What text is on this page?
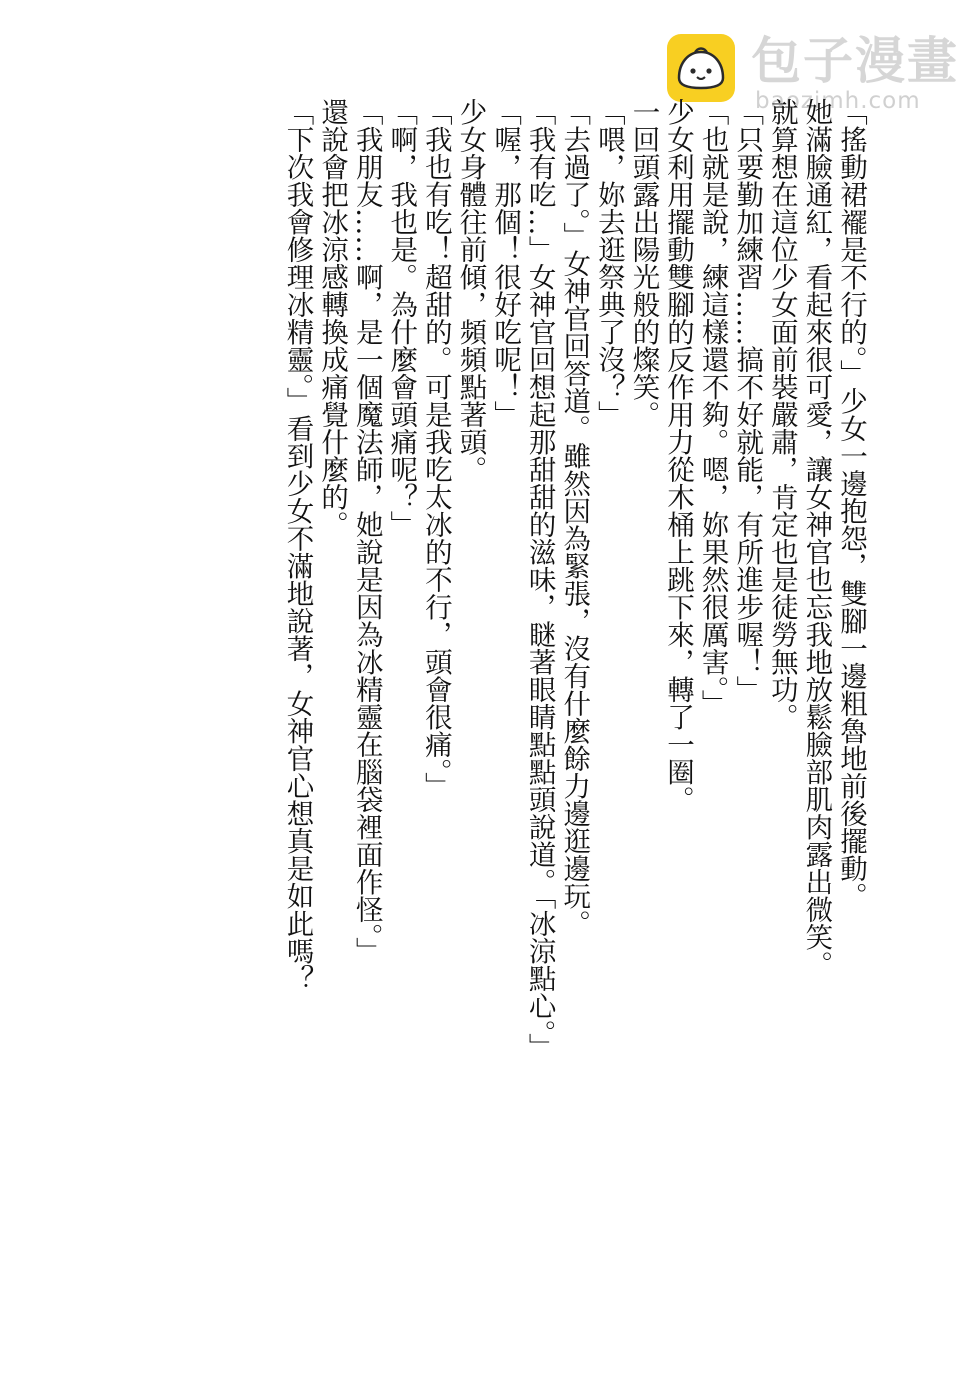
包子漫畫
baozimh.com

「搖動裙襬是不行的。」少女一邊抱怨，雙腳一邊粗魯地前後擺動。

她滿臉通紅，看起來很可愛，讓女神官也忘我地放鬆臉部肌肉露出微笑。

就算想在這位少女面前裝嚴肅，肯定也是徒勞無功。

「只要勤加練習……搞不好就能，有所進步喔！」

「也就是說，練這樣還不夠。嗯，妳果然很厲害。」

少女利用擺動雙腳的反作用力從木桶上跳下來，轉了一圈。

一回頭露出陽光般的燦笑。

「喂，妳去逛祭典了沒？」

「去過了。」女神官回答道。雖然因為緊張，沒有什麼餘力邊逛邊玩。

「我有吃…」女神官回想起那甜甜的滋味，瞇著眼睛點點頭說道。「冰涼點心。」

「喔，那個！很好吃呢！」

少女身體往前傾，頻頻點著頭。

「我也有吃！超甜的。可是我吃太冰的不行，頭會很痛。」

「啊，我也是。為什麼會頭痛呢？」

「我朋友……啊，是一個魔法師，她說是因為冰精靈在腦袋裡面作怪。」

還說會把冰涼感轉換成痛覺什麼的。

「下次我會修理冰精靈。」看到少女不滿地說著，女神官心想真是如此嗎？
